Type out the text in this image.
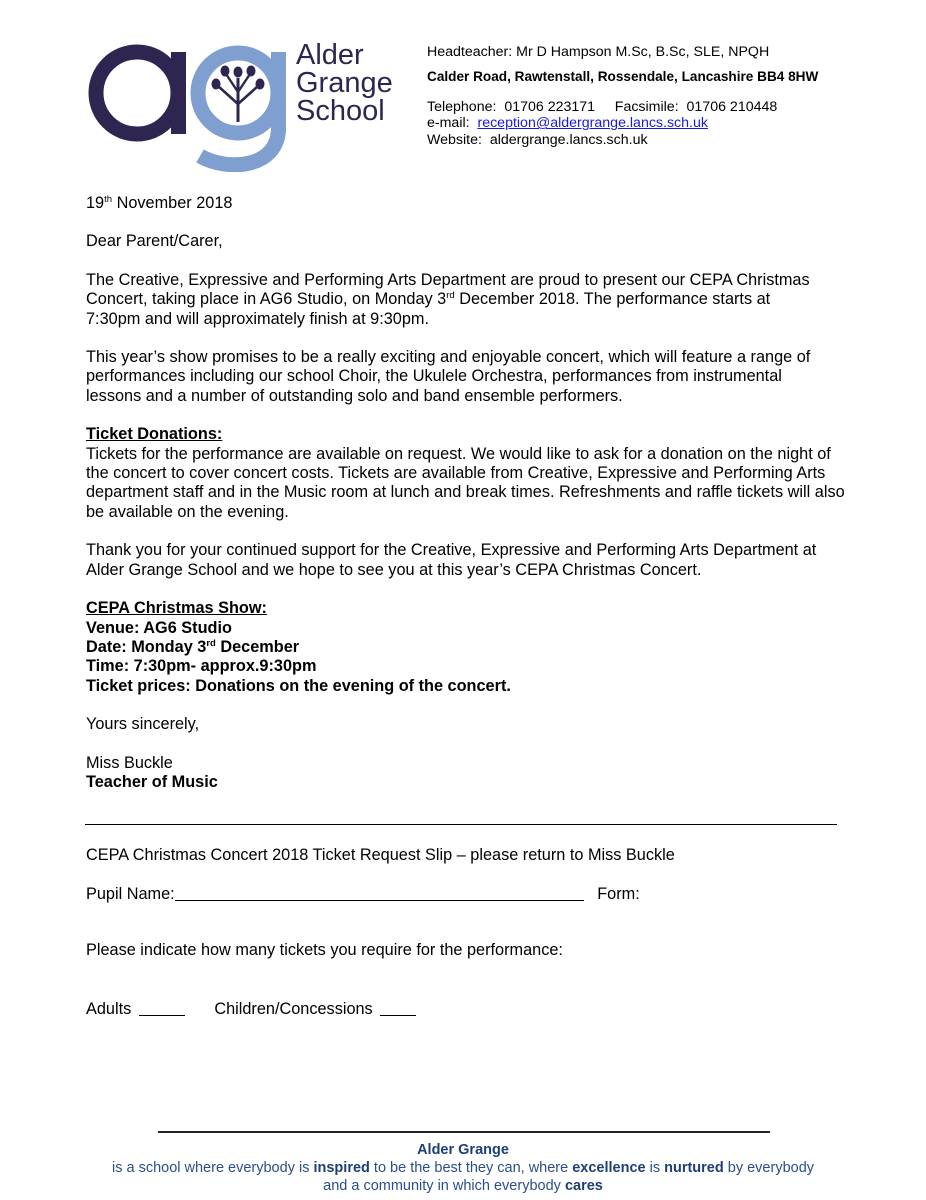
Alder
Grange
School
Headteacher: Mr D Hampson M.Sc, B.Sc, SLE, NPQH
Calder Road, Rawtenstall, Rossendale, Lancashire BB4 8HW
Telephone: 01706 223171 Facsimile: 01706 210448
e-mail: reception@aldergrange.lancs.sch.uk
Website: aldergrange.lancs.sch.uk

19th November 2018

Dear Parent/Carer,

The Creative, Expressive and Performing Arts Department are proud to present our CEPA Christmas Concert, taking place in AG6 Studio, on Monday 3rd December 2018. The performance starts at 7:30pm and will approximately finish at 9:30pm.

This year’s show promises to be a really exciting and enjoyable concert, which will feature a range of performances including our school Choir, the Ukulele Orchestra, performances from instrumental lessons and a number of outstanding solo and band ensemble performers.

Ticket Donations:

Tickets for the performance are available on request. We would like to ask for a donation on the night of the concert to cover concert costs. Tickets are available from Creative, Expressive and Performing Arts department staff and in the Music room at lunch and break times. Refreshments and raffle tickets will also be available on the evening.

Thank you for your continued support for the Creative, Expressive and Performing Arts Department at Alder Grange School and we hope to see you at this year’s CEPA Christmas Concert.

CEPA Christmas Show:

Venue: AG6 Studio

Date: Monday 3rd December

Time: 7:30pm- approx.9:30pm

Ticket prices: Donations on the evening of the concert.

Yours sincerely,

Miss Buckle

Teacher of Music

CEPA Christmas Concert 2018 Ticket Request Slip – please return to Miss Buckle
Pupil Name:	Form:
Please indicate how many tickets you require for the performance:
Adults	Children/Concessions
Alder Grange
is a school where everybody is inspired to be the best they can, where excellence is nurtured by everybody
and a community in which everybody cares
